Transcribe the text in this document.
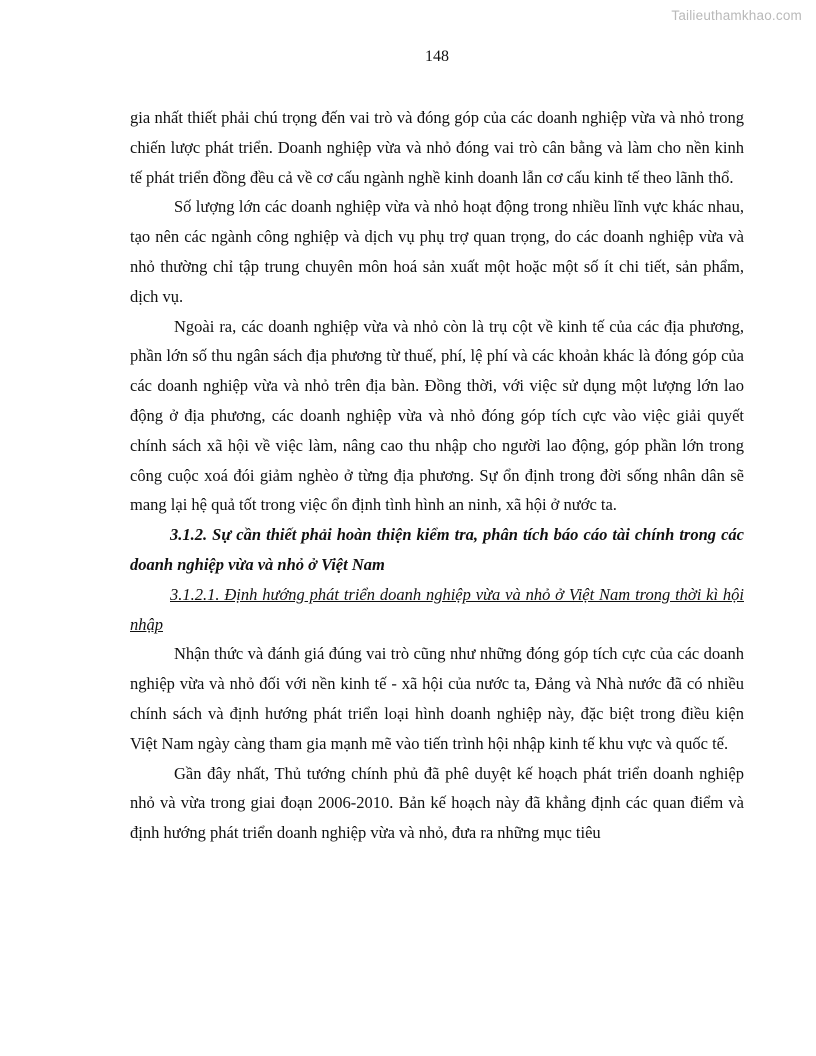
Tailieuthamkhao.com
148

gia nhất thiết phải chú trọng đến vai trò và đóng góp của các doanh nghiệp vừa và nhỏ trong chiến lược phát triển. Doanh nghiệp vừa và nhỏ đóng vai trò cân bằng và làm cho nền kinh tế phát triển đồng đều cả về cơ cấu ngành nghề kinh doanh lẫn cơ cấu kinh tế theo lãnh thổ.

Số lượng lớn các doanh nghiệp vừa và nhỏ hoạt động trong nhiều lĩnh vực khác nhau, tạo nên các ngành công nghiệp và dịch vụ phụ trợ quan trọng, do các doanh nghiệp vừa và nhỏ thường chỉ tập trung chuyên môn hoá sản xuất một hoặc một số ít chi tiết, sản phẩm, dịch vụ.

Ngoài ra, các doanh nghiệp vừa và nhỏ còn là trụ cột về kinh tế của các địa phương, phần lớn số thu ngân sách địa phương từ thuế, phí, lệ phí và các khoản khác là đóng góp của các doanh nghiệp vừa và nhỏ trên địa bàn. Đồng thời, với việc sử dụng một lượng lớn lao động ở địa phương, các doanh nghiệp vừa và nhỏ đóng góp tích cực vào việc giải quyết chính sách xã hội về việc làm, nâng cao thu nhập cho người lao động, góp phần lớn trong công cuộc xoá đói giảm nghèo ở từng địa phương. Sự ổn định trong đời sống nhân dân sẽ mang lại hệ quả tốt trong việc ổn định tình hình an ninh, xã hội ở nước ta.

3.1.2. Sự cần thiết phải hoàn thiện kiểm tra, phân tích báo cáo tài chính trong các doanh nghiệp vừa và nhỏ ở Việt Nam

3.1.2.1. Định hướng phát triển doanh nghiệp vừa và nhỏ ở Việt Nam trong thời kì hội nhập

Nhận thức và đánh giá đúng vai trò cũng như những đóng góp tích cực của các doanh nghiệp vừa và nhỏ đối với nền kinh tế - xã hội của nước ta, Đảng và Nhà nước đã có nhiều chính sách và định hướng phát triển loại hình doanh nghiệp này, đặc biệt trong điều kiện Việt Nam ngày càng tham gia mạnh mẽ vào tiến trình hội nhập kinh tế khu vực và quốc tế.

Gần đây nhất, Thủ tướng chính phủ đã phê duyệt kế hoạch phát triển doanh nghiệp nhỏ và vừa trong giai đoạn 2006-2010. Bản kế hoạch này đã khẳng định các quan điểm và định hướng phát triển doanh nghiệp vừa và nhỏ, đưa ra những mục tiêu
